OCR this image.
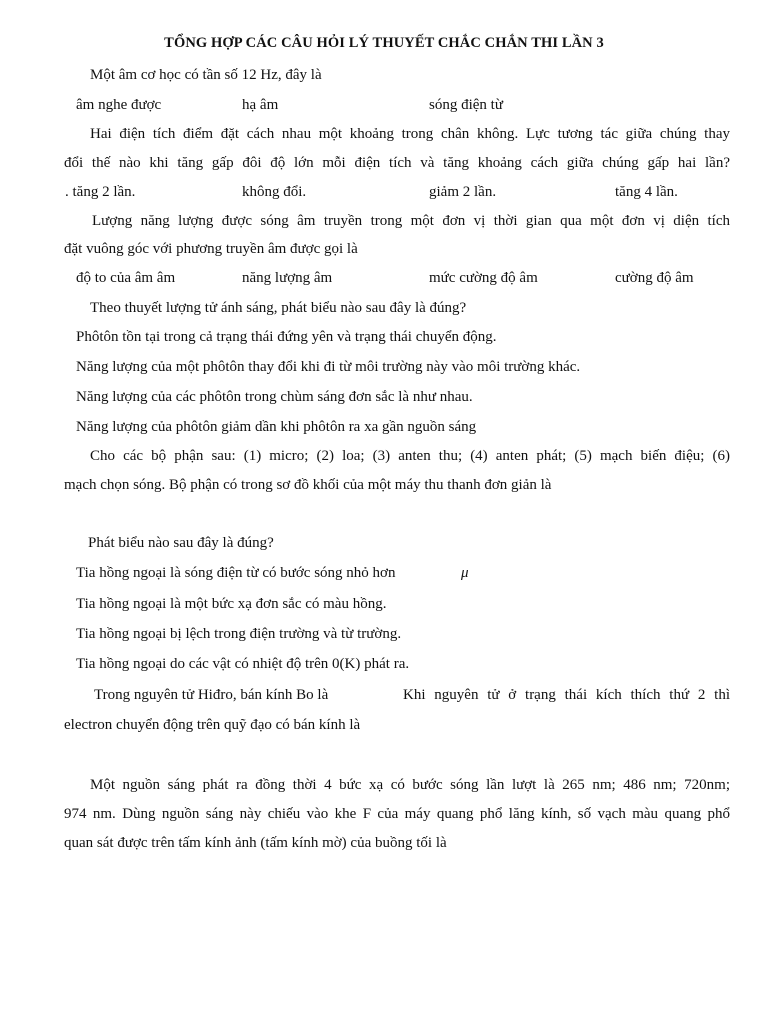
TỔNG HỢP CÁC CÂU HỎI LÝ THUYẾT CHẮC CHẮN THI LẦN 3
Một âm cơ học có tần số 12 Hz, đây là
âm nghe được	hạ âm	sóng điện từ
Hai điện tích điểm đặt cách nhau một khoảng trong chân không. Lực tương tác giữa chúng thay
đổi thế nào khi tăng gấp đôi độ lớn mỗi điện tích và tăng khoảng cách giữa chúng gấp hai lần?
. tăng 2 lần.	không đổi.	giảm 2 lần.	tăng 4 lần.
Lượng năng lượng được sóng âm truyền trong một đơn vị thời gian qua một đơn vị diện tích
đặt vuông góc với phương truyền âm được gọi là
độ to của âm âm	năng lượng âm	mức cường độ âm	cường độ âm
Theo thuyết lượng tử ánh sáng, phát biểu nào sau đây là đúng?
Phôtôn tồn tại trong cả trạng thái đứng yên và trạng thái chuyển động.
Năng lượng của một phôtôn thay đổi khi đi từ môi trường này vào môi trường khác.
Năng lượng của các phôtôn trong chùm sáng đơn sắc là như nhau.
Năng lượng của phôtôn giảm dần khi phôtôn ra xa gần nguồn sáng
Cho các bộ phận sau: (1) micro; (2) loa; (3) anten thu; (4) anten phát; (5) mạch biến điệu; (6)
mạch chọn sóng. Bộ phận có trong sơ đồ khối của một máy thu thanh đơn giản là
Phát biểu nào sau đây là đúng?
Tia hồng ngoại là sóng điện từ có bước sóng nhỏ hơn	μ
Tia hồng ngoại là một bức xạ đơn sắc có màu hồng.
Tia hồng ngoại bị lệch trong điện trường và từ trường.
Tia hồng ngoại do các vật có nhiệt độ trên 0(K) phát ra.
Trong nguyên tử Hiđro, bán kính Bo là	Khi nguyên tử ở trạng thái kích thích thứ 2 thì
electron chuyển động trên quỹ đạo có bán kính là
Một nguồn sáng phát ra đồng thời 4 bức xạ có bước sóng lần lượt là 265 nm; 486 nm; 720nm;
974 nm. Dùng nguồn sáng này chiếu vào khe F của máy quang phổ lăng kính, số vạch màu quang phổ
quan sát được trên tấm kính ảnh (tấm kính mờ) của buồng tối là
